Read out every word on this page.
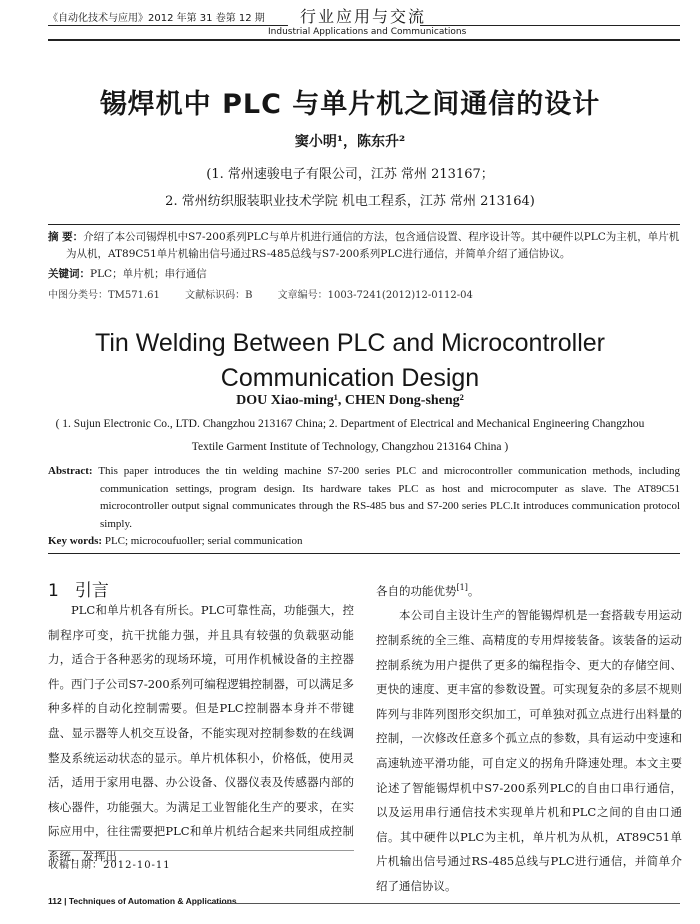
《自动化技术与应用》2012 年第 31 卷第 12 期 行业应用与交流
Industrial Applications and Communications
锡焊机中 PLC 与单片机之间通信的设计
窦小明¹，陈东升²
(1. 常州速骏电子有限公司，江苏 常州 213167；
2. 常州纺织服装职业技术学院 机电工程系，江苏 常州 213164)
摘 要：介绍了本公司锡焊机中S7-200系列PLC与单片机进行通信的方法，包含通信设置、程序设计等。其中硬件以PLC为主机，单片机为从机，AT89C51单片机输出信号通过RS-485总线与S7-200系列PLC进行通信，并简单介绍了通信协议。
关键词：PLC；单片机；串行通信
中图分类号：TM571.61	文献标识码：B	文章编号：1003-7241(2012)12-0112-04
Tin Welding Between PLC and Microcontroller
Communication Design
DOU Xiao-ming¹, CHEN Dong-sheng²
( 1. Sujun Electronic Co., LTD. Changzhou 213167 China; 2. Department of Electrical and Mechanical Engineering Changzhou
Textile Garment Institute of Technology, Changzhou 213164 China )
Abstract: This paper introduces the tin welding machine S7-200 series PLC and microcontroller communication methods, including communication settings, program design. Its hardware takes PLC as host and microcomputer as slave. The AT89C51 microcontroller output signal communicates through the RS-485 bus and S7-200 series PLC.It introduces communication protocol simply.
Key words: PLC; microcoufuoller; serial communication
1 引言

PLC和单片机各有所长。PLC可靠性高，功能强大，控制程序可变，抗干扰能力强，并且具有较强的负载驱动能力，适合于各种恶劣的现场环境，可用作机械设备的主控器件。西门子公司S7-200系列可编程逻辑控制器，可以满足多种多样的自动化控制需要。但是PLC控制器本身并不带键盘、显示器等人机交互设备，不能实现对控制参数的在线调整及系统运动状态的显示。单片机体积小，价格低，使用灵活，适用于家用电器、办公设备、仪器仪表及传感器内部的核心器件，功能强大。为满足工业智能化生产的要求，在实际应用中，往往需要把PLC和单片机结合起来共同组成控制系统，发挥出

各自的功能优势[1]。

本公司自主设计生产的智能锡焊机是一套搭载专用运动控制系统的全三维、高精度的专用焊接装备。该装备的运动控制系统为用户提供了更多的编程指令、更大的存储空间、更快的速度、更丰富的参数设置。可实现复杂的多层不规则阵列与非阵列图形交织加工，可单独对孤立点进行出料量的控制，一次修改任意多个孤立点的参数，具有运动中变速和高速轨迹平滑功能，可自定义的拐角升降速处理。本文主要论述了智能锡焊机中S7-200系列PLC的自由口串行通信，以及运用串行通信技术实现单片机和PLC之间的自由口通信。其中硬件以PLC为主机，单片机为从机，AT89C51单片机输出信号通过RS-485总线与PLC进行通信，并简单介绍了通信协议。

收稿日期：2012-10-11
112 | Techniques of Automation & Applications
